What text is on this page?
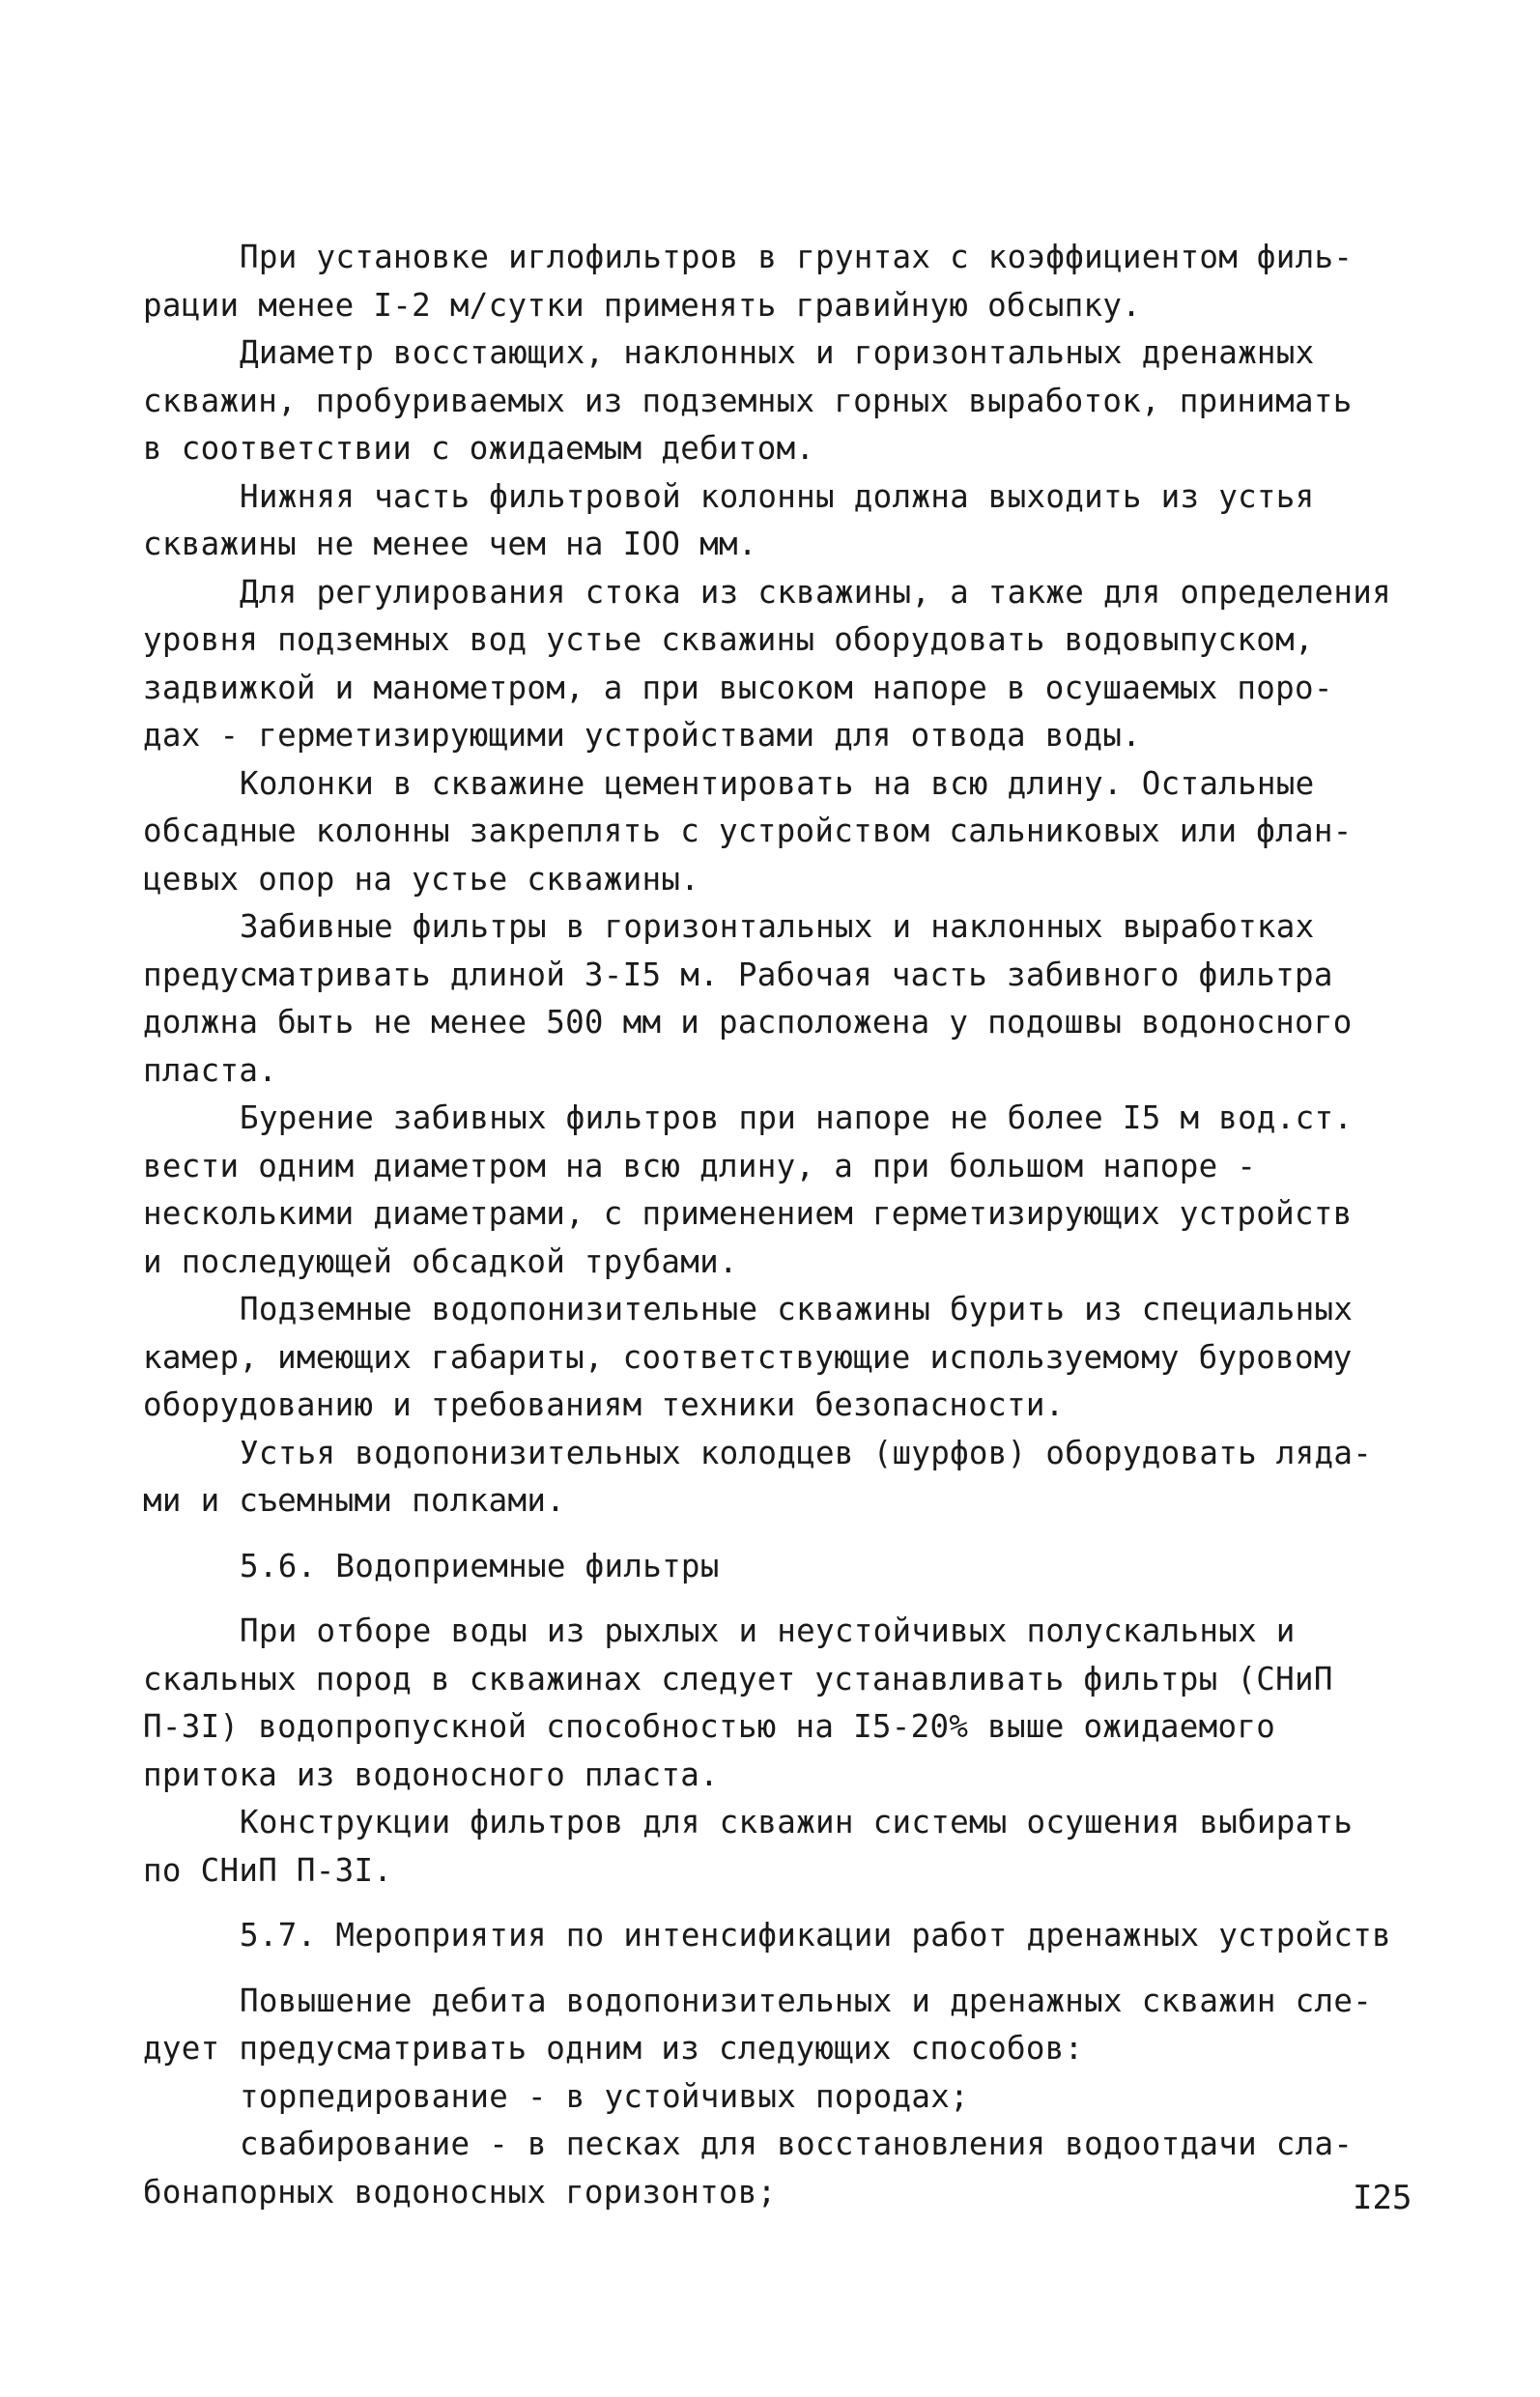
При установке иглофильтров в грунтах с коэффициентом филь-
рации менее I-2 м/сутки применять гравийную обсыпку.
Диаметр восстающих, наклонных и горизонтальных дренажных
скважин, пробуриваемых из подземных горных выработок, принимать
в соответствии с ожидаемым дебитом.
Нижняя часть фильтровой колонны должна выходить из устья
скважины не менее чем на IOO мм.
Для регулирования стока из скважины, а также для определения
уровня подземных вод устье скважины оборудовать водовыпуском,
задвижкой и манометром, а при высоком напоре в осушаемых поро-
дах - герметизирующими устройствами для отвода воды.
Колонки в скважине цементировать на всю длину. Остальные
обсадные колонны закреплять с устройством сальниковых или флан-
цевых опор на устье скважины.
Забивные фильтры в горизонтальных и наклонных выработках
предусматривать длиной 3-I5 м. Рабочая часть забивного фильтра
должна быть не менее 500 мм и расположена у подошвы водоносного
пласта.
Бурение забивных фильтров при напоре не более I5 м вод.ст.
вести одним диаметром на всю длину, а при большом напоре -
несколькими диаметрами, с применением герметизирующих устройств
и последующей обсадкой трубами.
Подземные водопонизительные скважины бурить из специальных
камер, имеющих габариты, соответствующие используемому буровому
оборудованию и требованиям техники безопасности.
Устья водопонизительных колодцев (шурфов) оборудовать ляда-
ми и съемными полками.
5.6. Водоприемные фильтры
При отборе воды из рыхлых и неустойчивых полускальных и
скальных пород в скважинах следует устанавливать фильтры (СНиП
П-3I) водопропускной способностью на I5-20% выше ожидаемого
притока из водоносного пласта.
Конструкции фильтров для скважин системы осушения выбирать
по СНиП П-3I.
5.7. Мероприятия по интенсификации работ дренажных устройств
Повышение дебита водопонизительных и дренажных скважин сле-
дует предусматривать одним из следующих способов:
торпедирование - в устойчивых породах;
свабирование - в песках для восстановления водоотдачи сла-
бонапорных водоносных горизонтов;	I25
